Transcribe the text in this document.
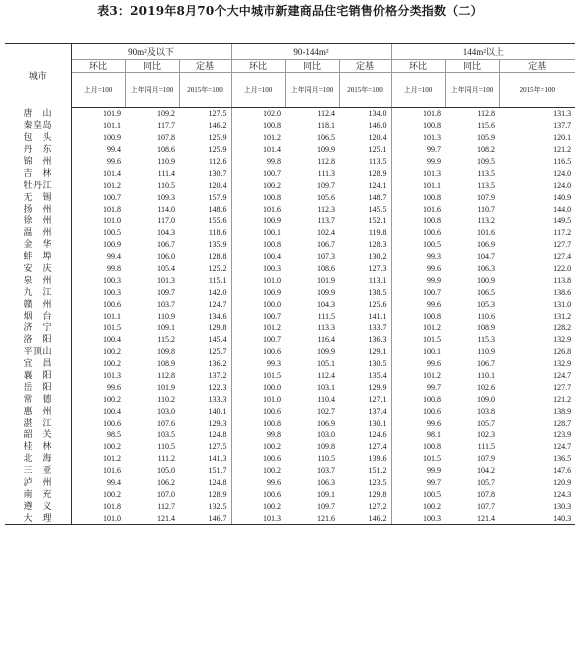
表3：2019年8月70个大中城市新建商品住宅销售价格分类指数（二）
城市	90m²及以下			90-144m²			144m²以上		
	环比	同比	定基	环比	同比	定基	环比	同比	定基
	上月=100	上年同月=100	2015年=100	上月=100	上年同月=100	2015年=100	上月=100	上年同月=100	2015年=100
唐　山	101.9	109.2	127.5	102.0	112.4	134.0	101.8	112.8	131.3
秦皇岛	101.1	117.7	146.2	100.8	118.1	146.0	100.8	115.6	137.7
包　头	100.9	107.8	125.9	101.2	106.5	120.4	101.3	105.9	120.1
丹　东	99.4	108.6	125.9	101.4	109.9	125.1	99.7	108.2	121.2
锦　州	99.6	110.9	112.6	99.8	112.8	113.5	99.9	109.5	116.5
吉　林	101.4	111.4	130.7	100.7	111.3	128.9	101.3	113.5	124.0
牡丹江	101.2	110.5	120.4	100.2	109.7	124.1	101.1	113.5	124.0
无　锡	100.7	109.3	157.9	100.8	105.6	148.7	100.8	107.9	140.9
扬　州	101.8	114.0	148.6	101.6	112.3	145.5	101.6	110.7	144.0
徐　州	101.0	117.0	155.6	100.9	113.7	152.1	100.8	113.2	149.5
温　州	100.5	104.3	118.6	100.1	102.4	119.8	100.6	101.6	117.2
金　华	100.9	106.7	135.9	100.8	106.7	128.3	100.5	106.9	127.7
蚌　埠	99.4	106.0	128.8	100.4	107.3	130.2	99.3	104.7	127.4
安　庆	99.8	105.4	125.2	100.3	108.6	127.3	99.6	106.3	122.0
泉　州	100.3	101.3	115.1	101.0	101.9	113.1	99.9	100.9	113.8
九　江	100.3	109.7	142.0	100.9	109.9	138.5	100.7	106.5	138.6
赣　州	100.6	103.7	124.7	100.0	104.3	125.6	99.6	105.3	131.0
烟　台	101.1	110.9	134.6	100.7	111.5	141.1	100.8	110.6	131.2
济　宁	101.5	109.1	129.8	101.2	113.3	133.7	101.2	108.9	128.2
洛　阳	100.4	115.2	145.4	100.7	116.4	136.3	101.5	115.3	132.9
平顶山	100.2	109.8	125.7	100.6	109.9	129.1	100.1	110.9	126.8
宜　昌	100.2	108.9	136.2	99.3	105.1	130.5	99.6	106.7	132.9
襄　阳	101.3	112.8	137.2	101.5	112.4	135.4	101.2	110.1	124.7
岳　阳	99.6	101.9	122.3	100.0	103.1	129.9	99.7	102.6	127.7
常　德	100.2	110.2	133.3	101.0	110.4	127.1	100.8	109.0	121.2
惠　州	100.4	103.0	140.1	100.6	102.7	137.4	100.6	103.8	138.9
湛　江	100.6	107.6	129.3	100.8	106.9	130.1	99.6	105.7	128.7
韶　关	98.5	103.5	124.8	99.8	103.0	124.6	98.1	102.3	123.9
桂　林	100.2	110.5	127.5	100.2	109.8	127.4	100.8	111.5	124.7
北　海	101.2	111.2	141.3	100.6	110.5	139.6	101.5	107.9	136.5
三　亚	101.6	105.0	151.7	100.2	103.7	151.2	99.9	104.2	147.6
泸　州	99.4	106.2	124.8	99.6	106.3	123.5	99.7	105.7	120.9
南　充	100.2	107.0	128.9	100.6	109.1	129.8	100.5	107.8	124.3
遵　义	101.8	112.7	132.5	100.2	109.7	127.2	100.2	107.7	130.3
大　理	101.0	121.4	146.7	101.3	121.6	146.2	100.3	121.4	140.3
